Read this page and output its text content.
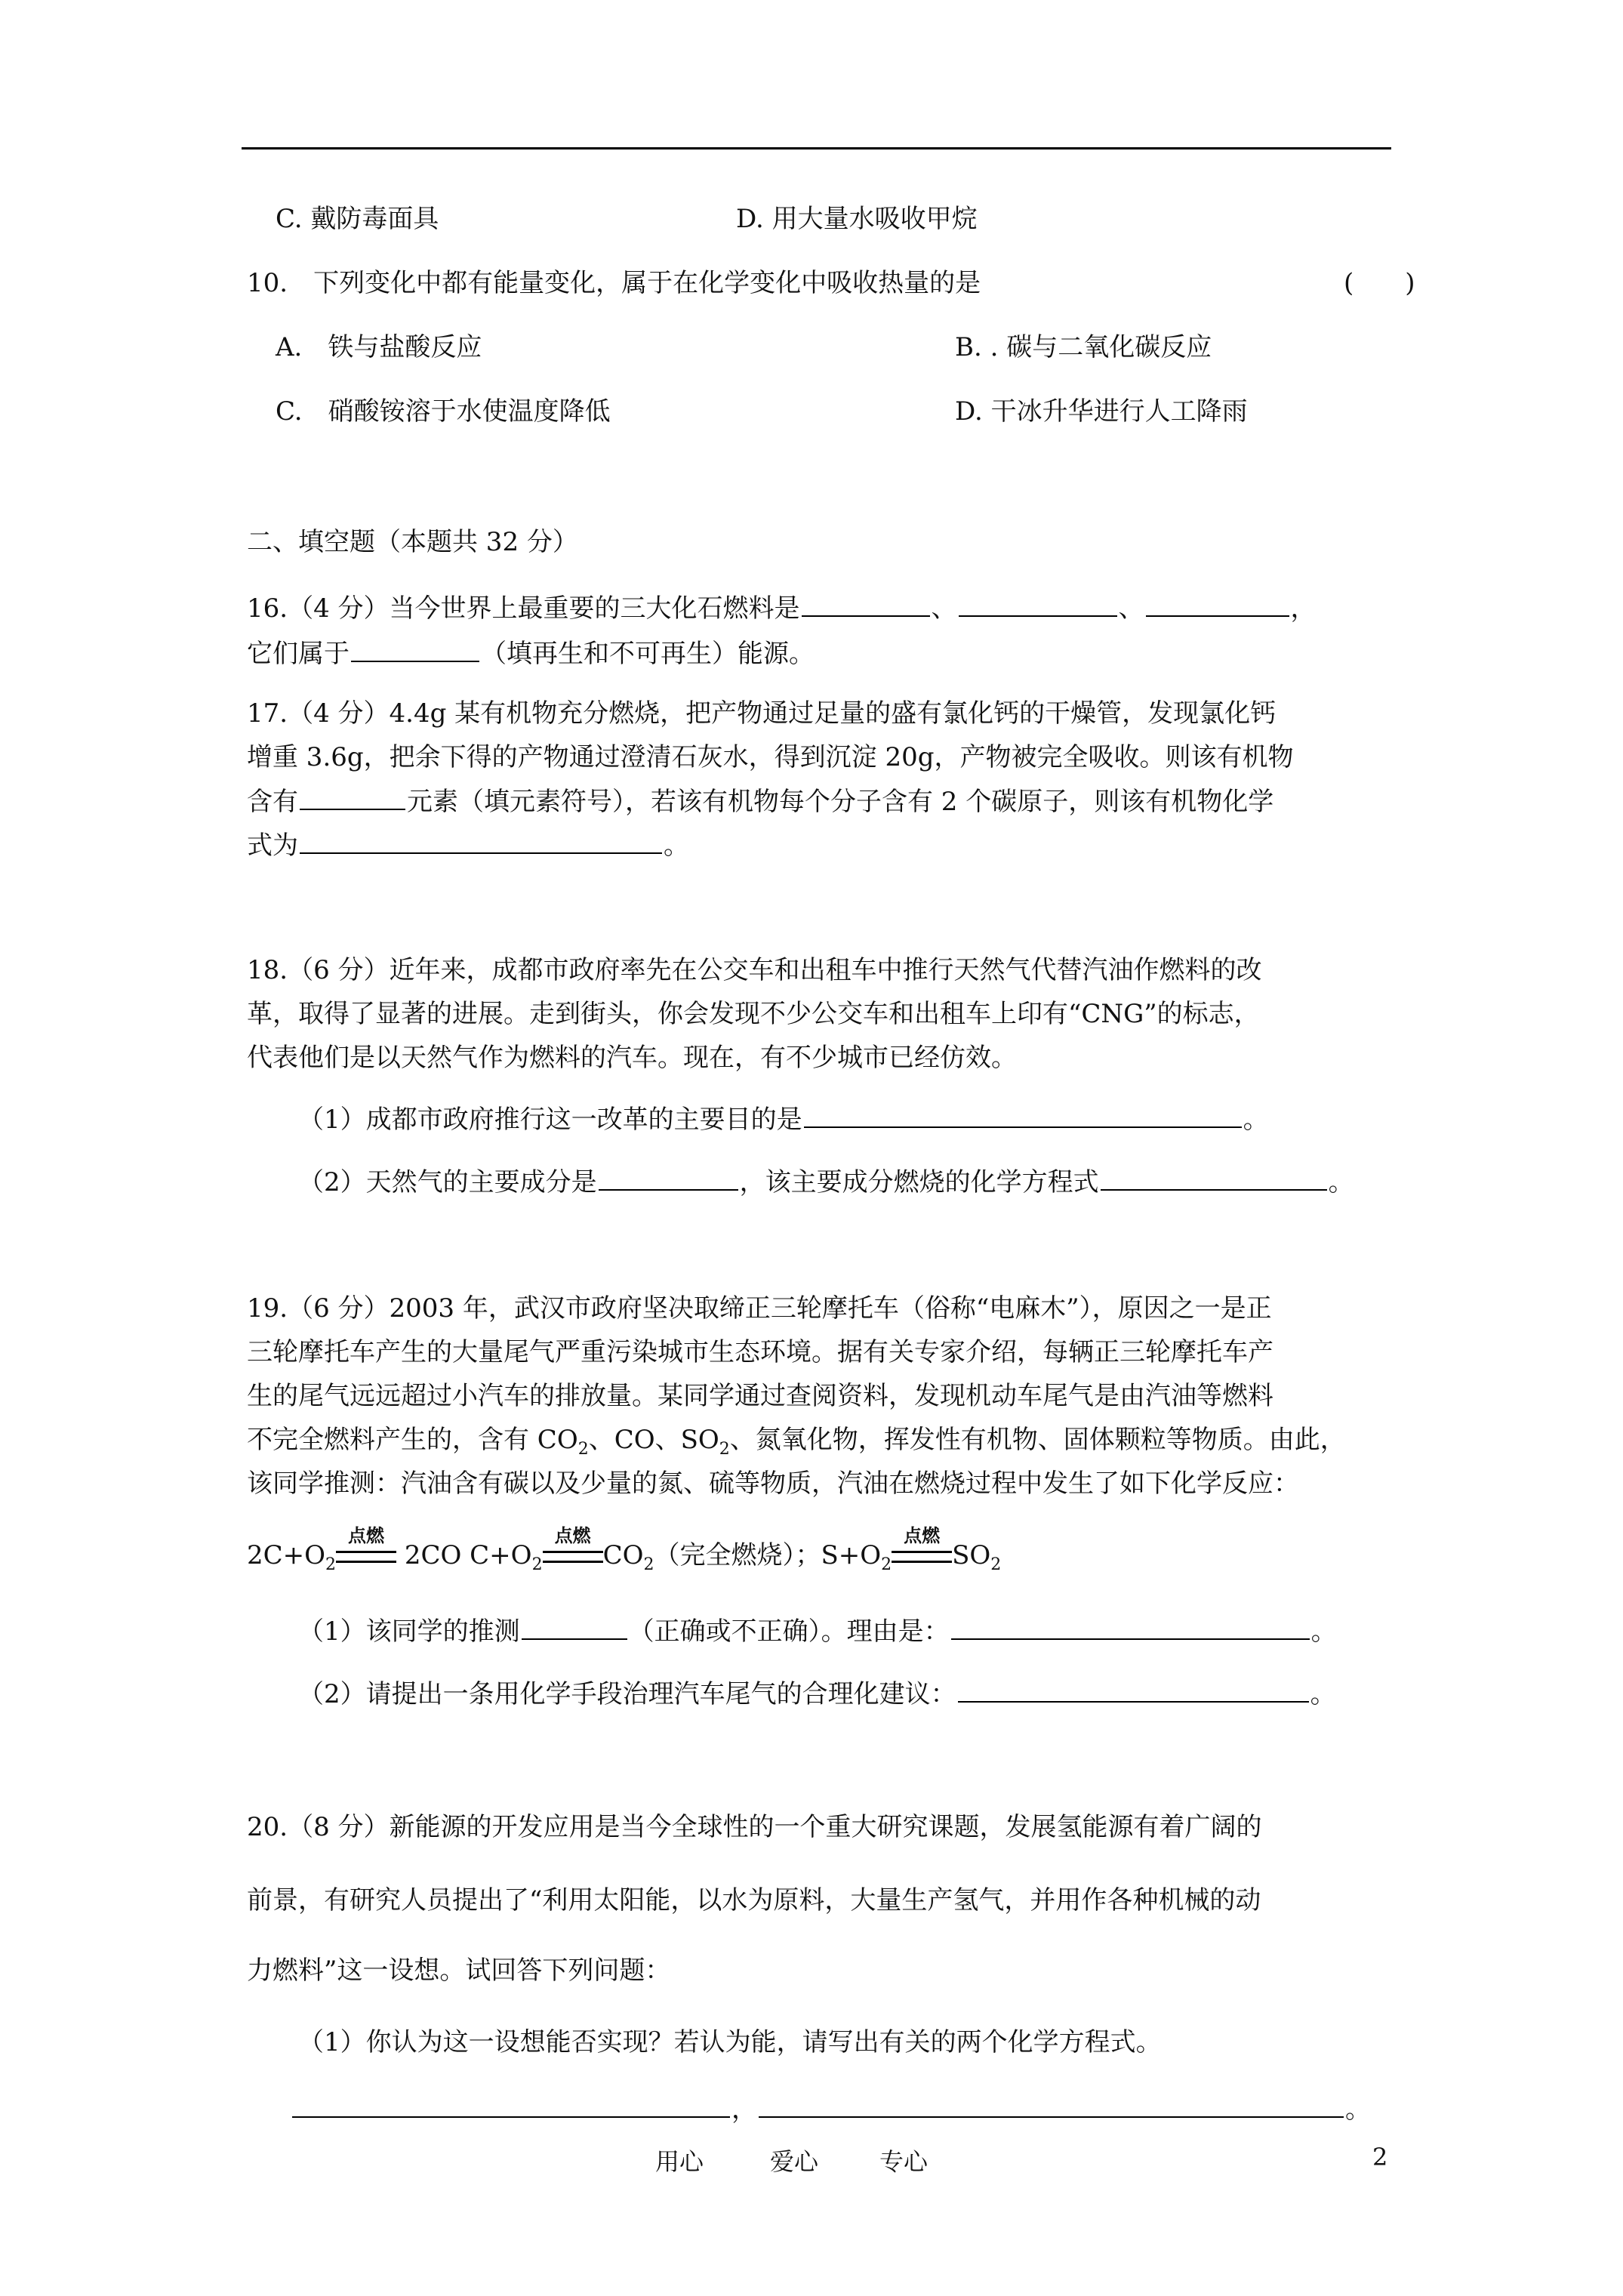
C. 戴防毒面具	D. 用大量水吸收甲烷
10.　下列变化中都有能量变化，属于在化学变化中吸收热量的是	(　　)
A.　铁与盐酸反应	B. . 碳与二氧化碳反应
C.　硝酸铵溶于水使温度降低	D. 干冰升华进行人工降雨
二、填空题（本题共 32 分）
16.（4 分）当今世界上最重要的三大化石燃料是	、	、	，
它们属于	（填再生和不可再生）能源。
17.（4 分）4.4g 某有机物充分燃烧，把产物通过足量的盛有氯化钙的干燥管，发现氯化钙
增重 3.6g，把余下得的产物通过澄清石灰水，得到沉淀 20g，产物被完全吸收。则该有机物
含有	元素（填元素符号），若该有机物每个分子含有 2 个碳原子，则该有机物化学
式为	。
18.（6 分）近年来，成都市政府率先在公交车和出租车中推行天然气代替汽油作燃料的改
革，取得了显著的进展。走到街头，你会发现不少公交车和出租车上印有“CNG”的标志，
代表他们是以天然气作为燃料的汽车。现在，有不少城市已经仿效。
（1）成都市政府推行这一改革的主要目的是	。
（2）天然气的主要成分是	，该主要成分燃烧的化学方程式	。
19.（6 分）2003 年，武汉市政府坚决取缔正三轮摩托车（俗称“电麻木”），原因之一是正
三轮摩托车产生的大量尾气严重污染城市生态环境。据有关专家介绍，每辆正三轮摩托车产
生的尾气远远超过小汽车的排放量。某同学通过查阅资料，发现机动车尾气是由汽油等燃料
不完全燃料产生的，含有 $CO_2$、CO、$SO_2$、氮氧化物，挥发性有机物、固体颗粒等物质。由此，
该同学推测：汽油含有碳以及少量的氮、硫等物质，汽油在燃烧过程中发生了如下化学反应：
$2C+O_2$
点燃
2CO $C+O_2$
点燃
$CO_2$（完全燃烧）；$S+O_2$
点燃
$SO_2$
（1）该同学的推测	（正确或不正确）。理由是：	。
（2）请提出一条用化学手段治理汽车尾气的合理化建议：	。
20.（8 分）新能源的开发应用是当今全球性的一个重大研究课题，发展氢能源有着广阔的
前景，有研究人员提出了“利用太阳能，以水为原料，大量生产氢气，并用作各种机械的动
力燃料”这一设想。试回答下列问题：
（1）你认为这一设想能否实现？若认为能，请写出有关的两个化学方程式。
，	。
用心	爱心	专心	2
